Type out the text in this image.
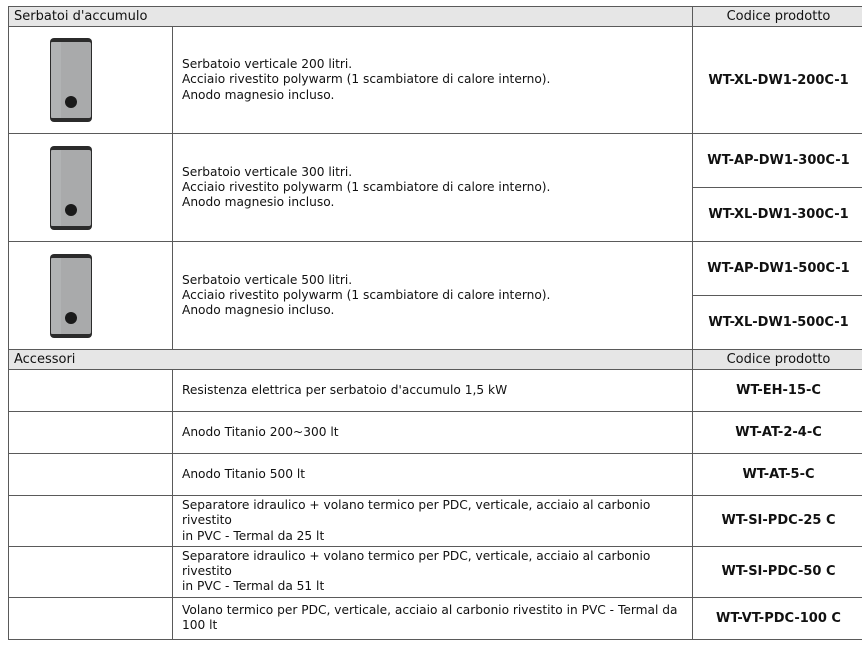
Serbatoi d'accumulo		Codice prodotto

Serbatoio verticale 200 litri.
Acciaio rivestito polywarm (1 scambiatore di calore interno).
Anodo magnesio incluso.	WT-XL-DW1-200C-1

Serbatoio verticale 300 litri.
Acciaio rivestito polywarm (1 scambiatore di calore interno).
Anodo magnesio incluso.	WT-AP-DW1-300C-1
		WT-XL-DW1-300C-1

Serbatoio verticale 500 litri.
Acciaio rivestito polywarm (1 scambiatore di calore interno).
Anodo magnesio incluso.	WT-AP-DW1-500C-1
		WT-XL-DW1-500C-1
Accessori		Codice prodotto

	Resistenza elettrica per serbatoio d'accumulo 1,5 kW	WT-EH-15-C

	Anodo Titanio 200~300 lt	WT-AT-2-4-C

	Anodo Titanio 500 lt	WT-AT-5-C

	Separatore idraulico + volano termico per PDC, verticale, acciaio al carbonio rivestito
in PVC - Termal da 25 lt	WT-SI-PDC-25 C

	Separatore idraulico + volano termico per PDC, verticale, acciaio al carbonio rivestito
in PVC - Termal da 51 lt	WT-SI-PDC-50 C

	Volano termico per PDC, verticale, acciaio al carbonio rivestito in PVC - Termal da 100 lt	WT-VT-PDC-100 C
